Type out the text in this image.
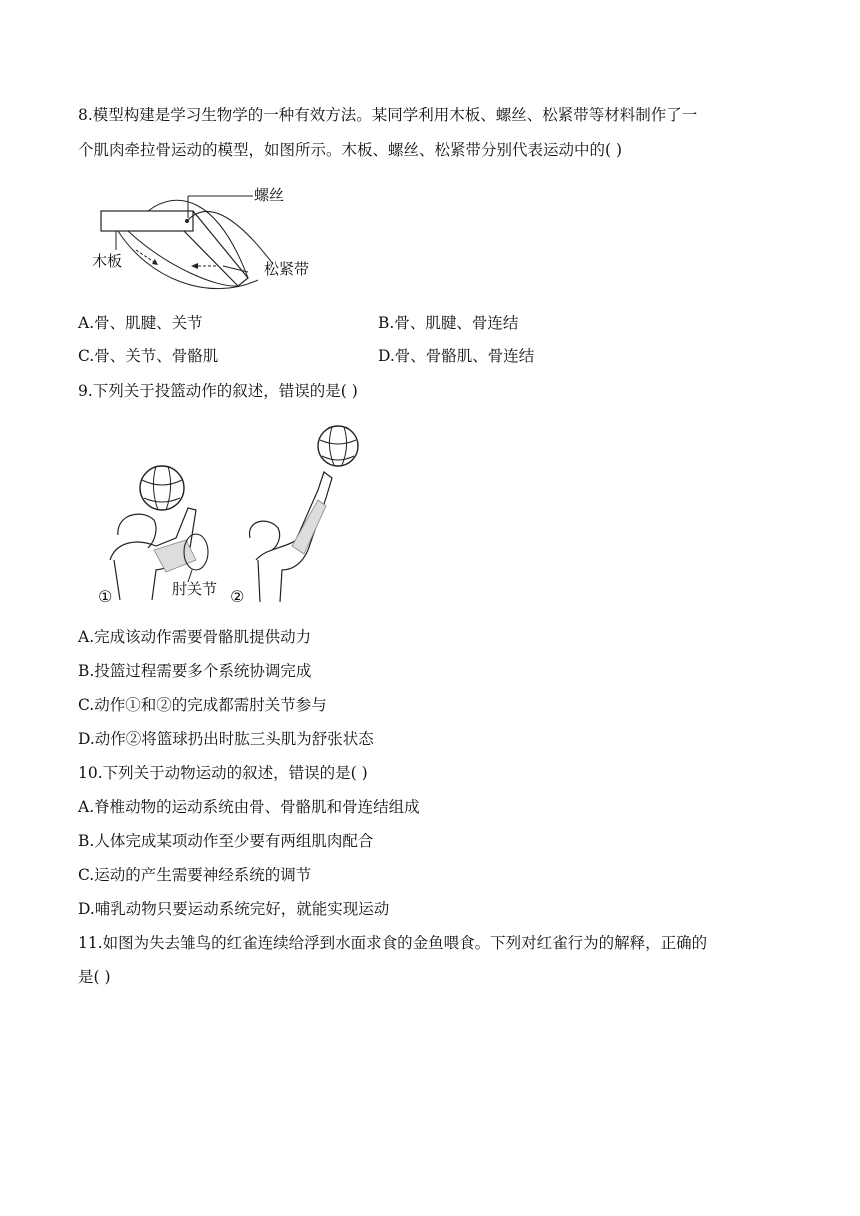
8.模型构建是学习生物学的一种有效方法。某同学利用木板、螺丝、松紧带等材料制作了一
个肌肉牵拉骨运动的模型，如图所示。木板、螺丝、松紧带分别代表运动中的( )
螺丝
木板	松紧带
A.骨、肌腱、关节	B.骨、肌腱、骨连结
C.骨、关节、骨骼肌	D.骨、骨骼肌、骨连结
9.下列关于投篮动作的叙述，错误的是( )
肘关节
①	②
A.完成该动作需要骨骼肌提供动力
B.投篮过程需要多个系统协调完成
C.动作①和②的完成都需肘关节参与
D.动作②将篮球扔出时肱三头肌为舒张状态
10.下列关于动物运动的叙述，错误的是( )
A.脊椎动物的运动系统由骨、骨骼肌和骨连结组成
B.人体完成某项动作至少要有两组肌肉配合
C.运动的产生需要神经系统的调节
D.哺乳动物只要运动系统完好，就能实现运动
11.如图为失去雏鸟的红雀连续给浮到水面求食的金鱼喂食。下列对红雀行为的解释，正确的
是( )
